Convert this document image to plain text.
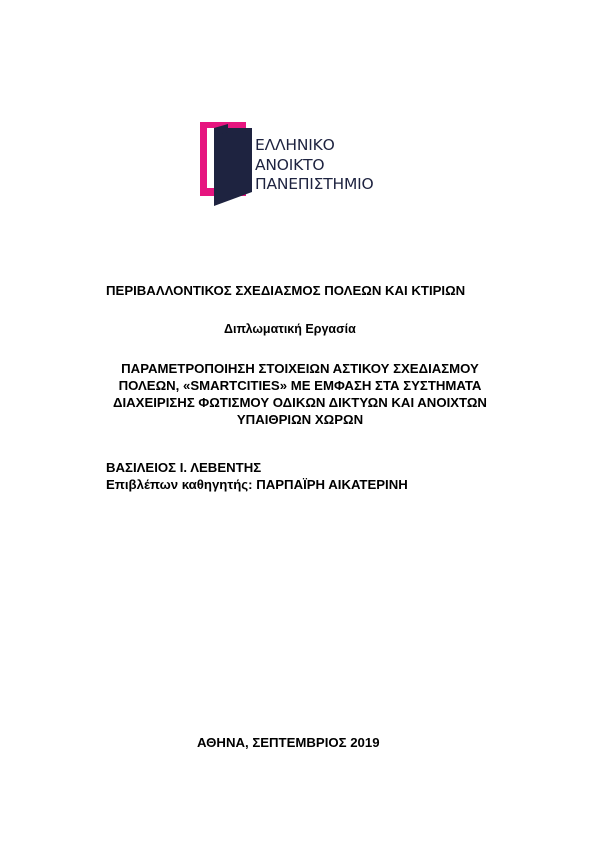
ΕΛΛΗΝΙΚΟ
ΑΝΟΙΚΤΟ
ΠΑΝΕΠΙΣΤΗΜΙΟ
ΠΕΡΙΒΑΛΛΟΝΤΙΚΟΣ ΣΧΕΔΙΑΣΜΟΣ ΠΟΛΕΩΝ ΚΑΙ ΚΤΙΡΙΩΝ
Διπλωματική Εργασία
ΠΑΡΑΜΕΤΡΟΠΟΙΗΣΗ ΣΤΟΙΧΕΙΩΝ ΑΣΤΙΚΟΥ ΣΧΕΔΙΑΣΜΟΥ
ΠΟΛΕΩΝ, «SMARTCITIES» ΜΕ ΕΜΦΑΣΗ ΣΤΑ ΣΥΣΤΗΜΑΤΑ
ΔΙΑΧΕΙΡΙΣΗΣ ΦΩΤΙΣΜΟΥ ΟΔΙΚΩΝ ΔΙΚΤΥΩΝ ΚΑΙ ΑΝΟΙΧΤΩΝ
ΥΠΑΙΘΡΙΩΝ ΧΩΡΩΝ
ΒΑΣΙΛΕΙΟΣ Ι. ΛΕΒΕΝΤΗΣ
Επιβλέπων καθηγητής: ΠΑΡΠΑΪΡΗ ΑΙΚΑΤΕΡΙΝΗ
ΑΘΗΝΑ, ΣΕΠΤΕΜΒΡΙΟΣ 2019
